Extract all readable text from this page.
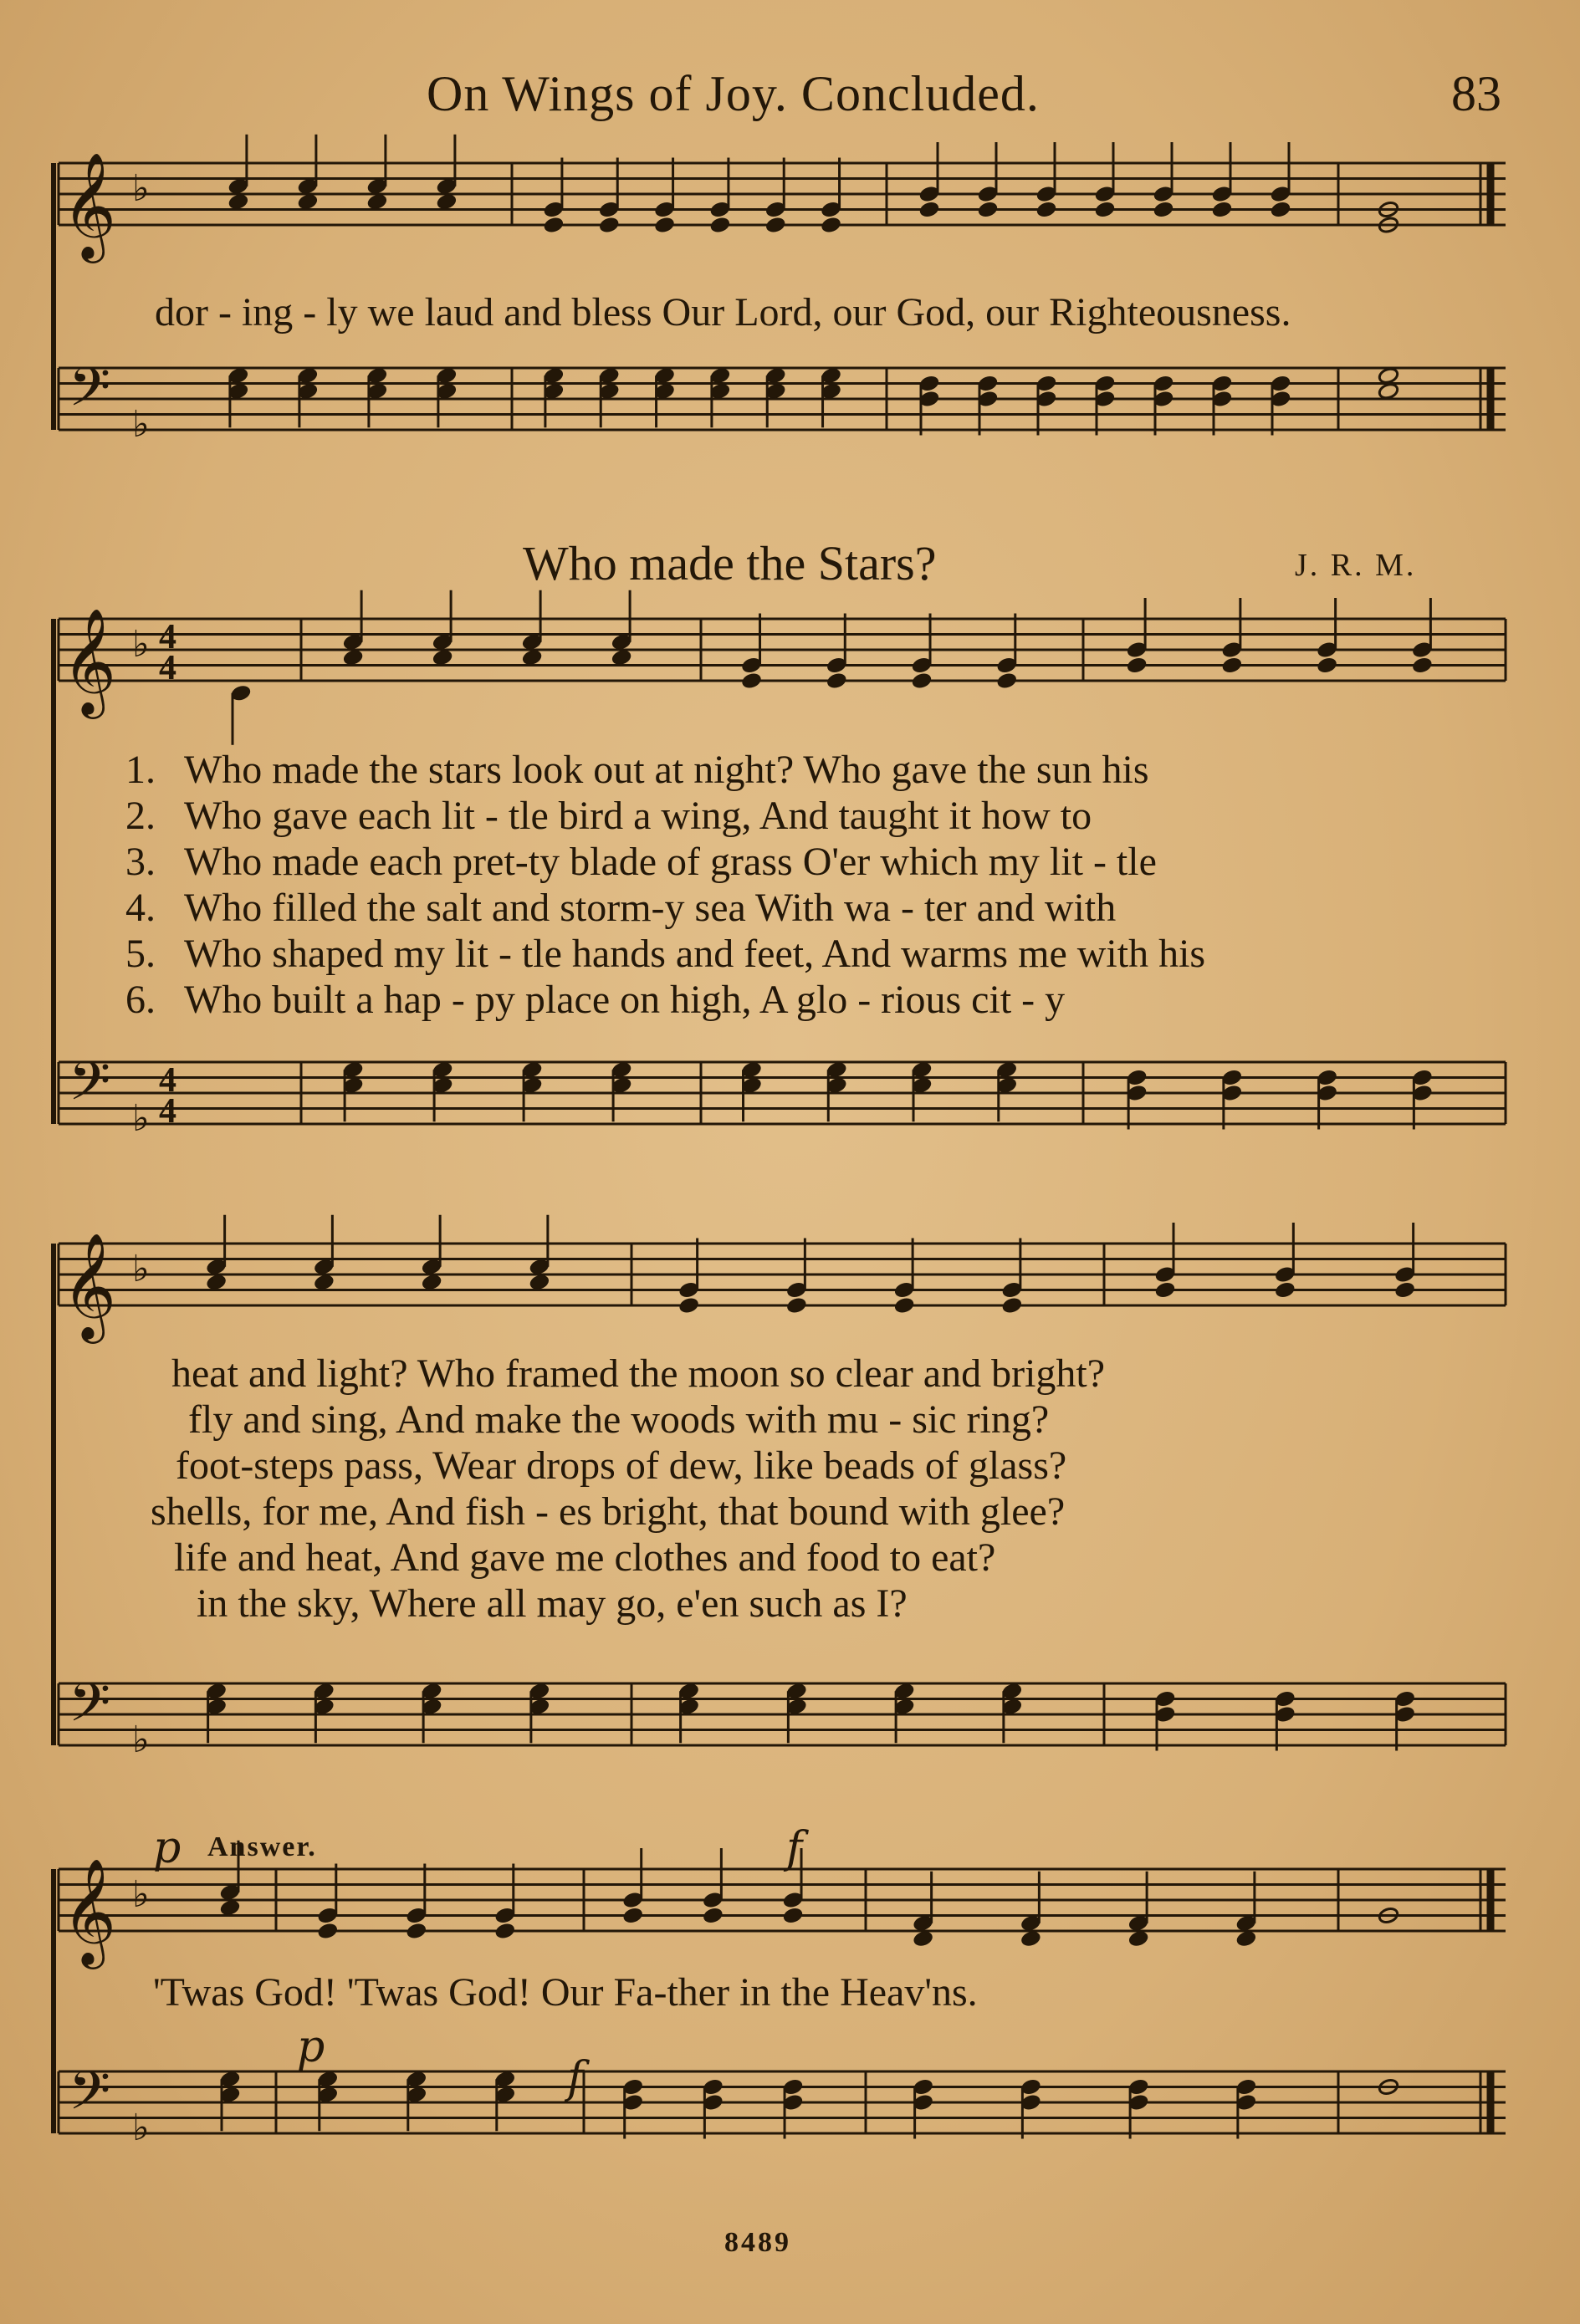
𝄞
𝄢
♭
♭
𝄞
𝄢
♭
♭
4
4
4
4
𝄞
𝄢
♭
♭
𝄞
𝄢
♭
♭
On Wings of Joy. Concluded.	83
dor - ing - ly we laud and bless Our Lord, our God, our Righteousness.
Who made the Stars?	J. R. M.
1. Who made the stars look out at night? Who gave the sun his
2. Who gave each lit - tle bird a wing, And taught it how to
3. Who made each pret-ty blade of grass O'er which my lit - tle
4. Who filled the salt and storm-y sea With wa - ter and with
5. Who shaped my lit - tle hands and feet, And warms me with his
6. Who built a hap - py place on high, A glo - rious cit - y
heat and light? Who framed the moon so clear and bright?
fly and sing, And make the woods with mu - sic ring?
foot-steps pass, Wear drops of dew, like beads of glass?
shells, for me, And fish - es bright, that bound with glee?
life and heat, And gave me clothes and food to eat?
in the sky, Where all may go, e'en such as I?
Answer.
'Twas God! 'Twas God! Our Fa-ther in the Heav'ns.
p	f
p
f
8489
